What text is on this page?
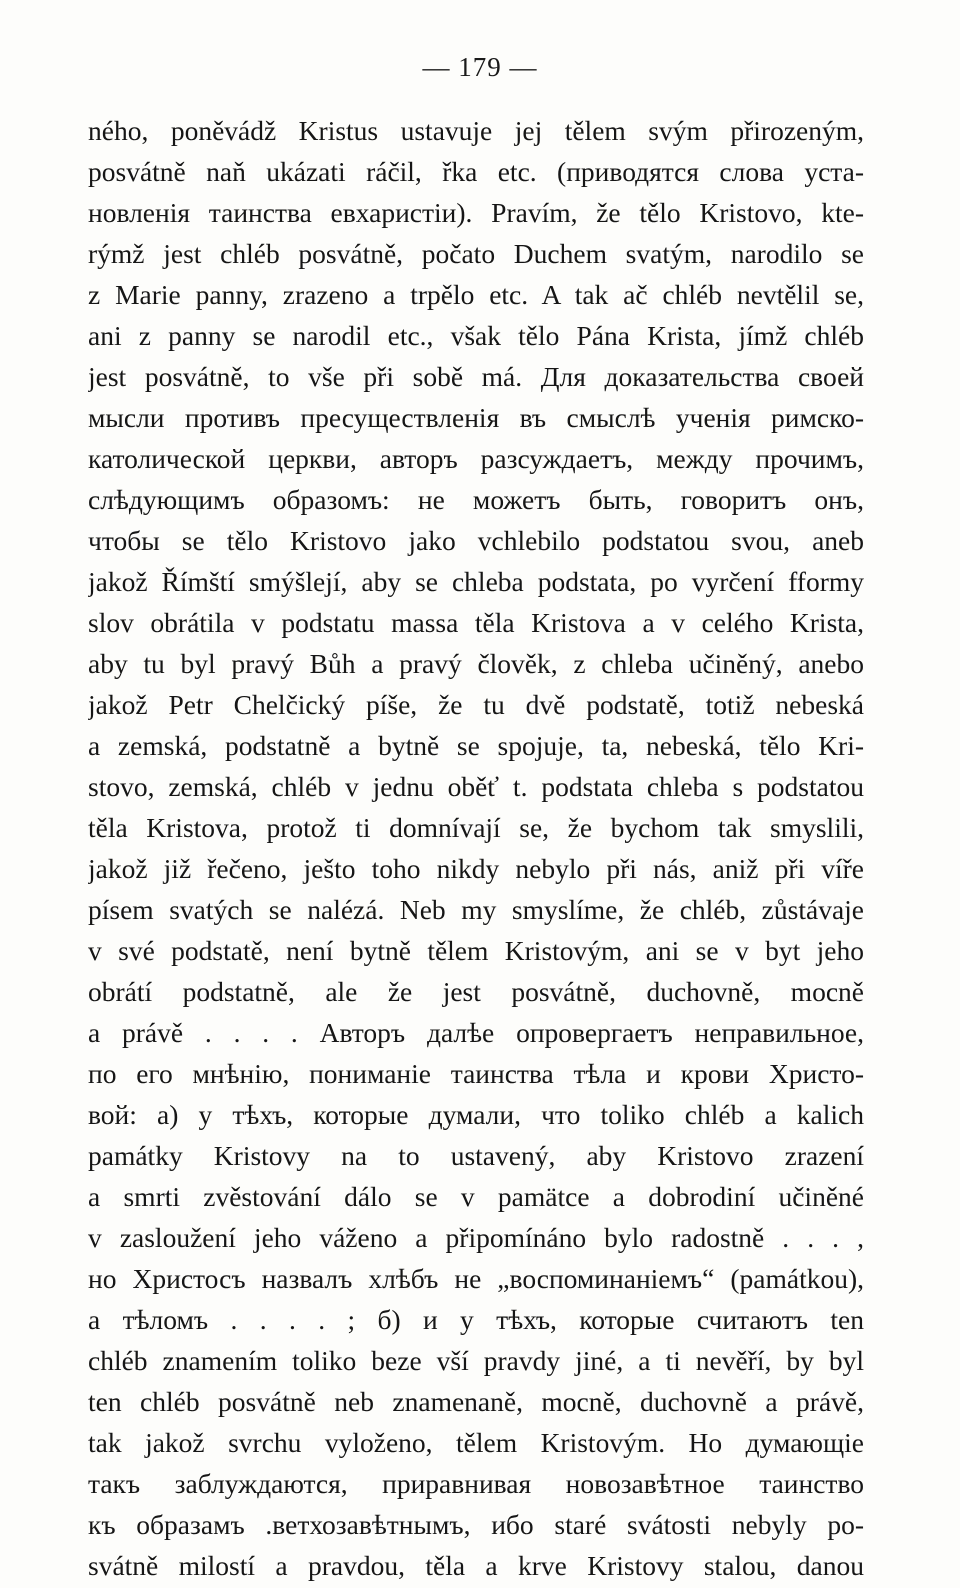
— 179 —
ného, poněvádž Kristus ustavuje jej tělem svým přirozeným,
posvátně naň ukázati ráčil, řka etc. (приводятся слова уста-
новленія таинства евхаристіи). Pravím, že tělo Kristovo, kte-
rýmž jest chléb posvátně, počato Duchem svatým, narodilo se
z Marie panny, zrazeno a trpělo etc. A tak ač chléb nevtělil se,
ani z panny se narodil etc., však tělo Pána Krista, jímž chléb
jest posvátně, to vše při sobě má. Для доказательства своей
мысли противъ пресуществленія въ смыслѣ ученія римско-
католической церкви, авторъ разсуждаетъ, между прочимъ,
слѣдующимъ образомъ: не можетъ быть, говоритъ онъ,
чтобы se tělo Kristovo jako vchlebilo podstatou svou, aneb
jakož Římští smýšlejí, aby se chleba podstata, po vyrčení fformy
slov obrátila v podstatu massa těla Kristova a v celého Krista,
aby tu byl pravý Bůh a pravý člověk, z chleba učiněný, anebo
jakož Petr Chelčický píše, že tu dvě podstatě, totiž nebeská
a zemská, podstatně a bytně se spojuje, ta, nebeská, tělo Kri-
stovo, zemská, chléb v jednu oběť t. podstata chleba s podstatou
těla Kristova, protož ti domnívají se, že bychom tak smyslili,
jakož již řečeno, ješto toho nikdy nebylo při nás, aniž při víře
písem svatých se nalézá. Neb my smyslíme, že chléb, zůstávaje
v své podstatě, není bytně tělem Kristovým, ani se v byt jeho
obrátí podstatně, ale že jest posvátně, duchovně, mocně
a právě . . . . Авторъ далѣе опровергаетъ неправильное,
по его мнѣнію, пониманіе таинства тѣла и крови Христо-
вой: а) у тѣхъ, которые думали, что toliko chléb a kalich
památky Kristovy na to ustavený, aby Kristovo zrazení
a smrti zvěstování dálo se v pamätce a dobrodiní učiněné
v zasloužení jeho váženo a připomínáno bylo radostně . . . ,
но Христосъ назвалъ хлѣбъ не „воспоминаніемъ“ (památkou),
a тѣломъ . . . . ; б) и у тѣхъ, которые считаютъ ten
chléb znamením toliko beze vší pravdy jiné, a ti nevěří, by byl
ten chléb posvátně neb znamenaně, mocně, duchovně a právě,
tak jakož svrchu vyloženo, tělem Kristovým. Но думающіе
такъ заблуждаются, приравнивая новозавѣтное таинство
къ образамъ .ветхозавѣтнымъ, ибо staré svátosti nebyly po-
svátně milostí a pravdou, těla a krve Kristovy stalou, danou
